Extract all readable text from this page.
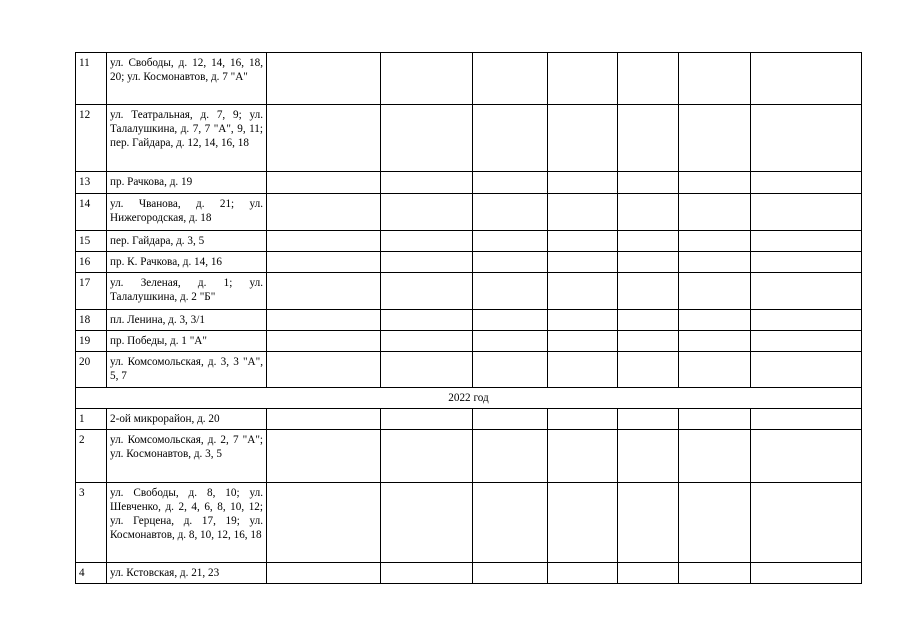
11	ул. Свободы, д. 12, 14, 16, 18, 20; ул. Космонавтов, д. 7 "А"							
12	ул. Театральная, д. 7, 9; ул. Талалушкина, д. 7, 7 "А", 9, 11; пер. Гайдара, д. 12, 14, 16, 18							
13	пр. Рачкова, д. 19							
14	ул. Чванова, д. 21; ул. Нижегородская, д. 18							
15	пер. Гайдара, д. 3, 5							
16	пр. К. Рачкова, д. 14, 16							
17	ул. Зеленая, д. 1; ул. Талалушкина, д. 2 "Б"							
18	пл. Ленина, д. 3, 3/1							
19	пр. Победы, д. 1 "А"							
20	ул. Комсомольская, д. 3, 3 "А", 5, 7							
2022 год								
1	2-ой микрорайон, д. 20							
2	ул. Комсомольская, д. 2, 7 "А"; ул. Космонавтов, д. 3, 5							
3	ул. Свободы, д. 8, 10; ул. Шевченко, д. 2, 4, 6, 8, 10, 12; ул. Герцена, д. 17, 19; ул. Космонавтов, д. 8, 10, 12, 16, 18							
4	ул. Кстовская, д. 21, 23							
